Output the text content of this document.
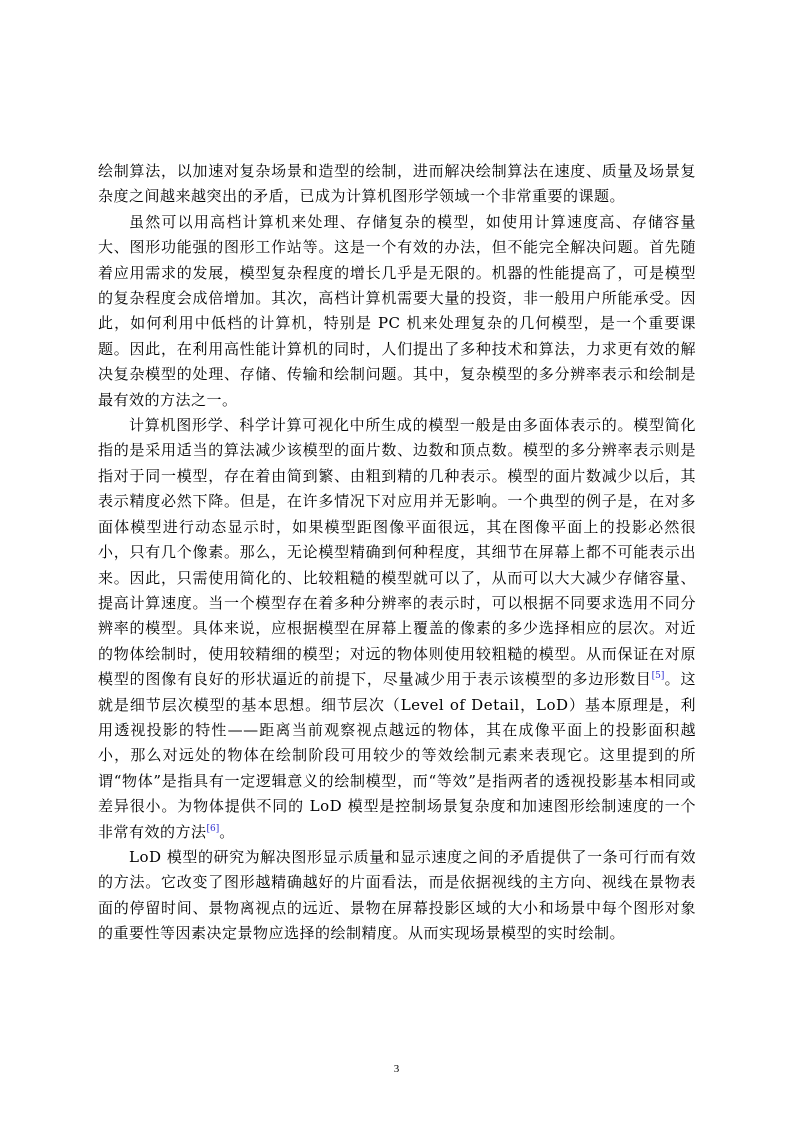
绘制算法，以加速对复杂场景和造型的绘制，进而解决绘制算法在速度、质量及场景复杂度之间越来越突出的矛盾，已成为计算机图形学领域一个非常重要的课题。

虽然可以用高档计算机来处理、存储复杂的模型，如使用计算速度高、存储容量大、图形功能强的图形工作站等。这是一个有效的办法，但不能完全解决问题。首先随着应用需求的发展，模型复杂程度的增长几乎是无限的。机器的性能提高了，可是模型的复杂程度会成倍增加。其次，高档计算机需要大量的投资，非一般用户所能承受。因此，如何利用中低档的计算机，特别是 PC 机来处理复杂的几何模型，是一个重要课题。因此，在利用高性能计算机的同时，人们提出了多种技术和算法，力求更有效的解决复杂模型的处理、存储、传输和绘制问题。其中，复杂模型的多分辨率表示和绘制是最有效的方法之一。

计算机图形学、科学计算可视化中所生成的模型一般是由多面体表示的。模型简化指的是采用适当的算法减少该模型的面片数、边数和顶点数。模型的多分辨率表示则是指对于同一模型，存在着由简到繁、由粗到精的几种表示。模型的面片数减少以后，其表示精度必然下降。但是，在许多情况下对应用并无影响。一个典型的例子是，在对多面体模型进行动态显示时，如果模型距图像平面很远，其在图像平面上的投影必然很小，只有几个像素。那么，无论模型精确到何种程度，其细节在屏幕上都不可能表示出来。因此，只需使用简化的、比较粗糙的模型就可以了，从而可以大大减少存储容量、提高计算速度。当一个模型存在着多种分辨率的表示时，可以根据不同要求选用不同分辨率的模型。具体来说，应根据模型在屏幕上覆盖的像素的多少选择相应的层次。对近的物体绘制时，使用较精细的模型；对远的物体则使用较粗糙的模型。从而保证在对原模型的图像有良好的形状逼近的前提下，尽量减少用于表示该模型的多边形数目[5]。这就是细节层次模型的基本思想。细节层次（Level of Detail，LoD）基本原理是，利用透视投影的特性——距离当前观察视点越远的物体，其在成像平面上的投影面积越小，那么对远处的物体在绘制阶段可用较少的等效绘制元素来表现它。这里提到的所谓“物体”是指具有一定逻辑意义的绘制模型，而“等效”是指两者的透视投影基本相同或差异很小。为物体提供不同的 LoD 模型是控制场景复杂度和加速图形绘制速度的一个非常有效的方法[6]。

LoD 模型的研究为解决图形显示质量和显示速度之间的矛盾提供了一条可行而有效的方法。它改变了图形越精确越好的片面看法，而是依据视线的主方向、视线在景物表面的停留时间、景物离视点的远近、景物在屏幕投影区域的大小和场景中每个图形对象的重要性等因素决定景物应选择的绘制精度。从而实现场景模型的实时绘制。

3
